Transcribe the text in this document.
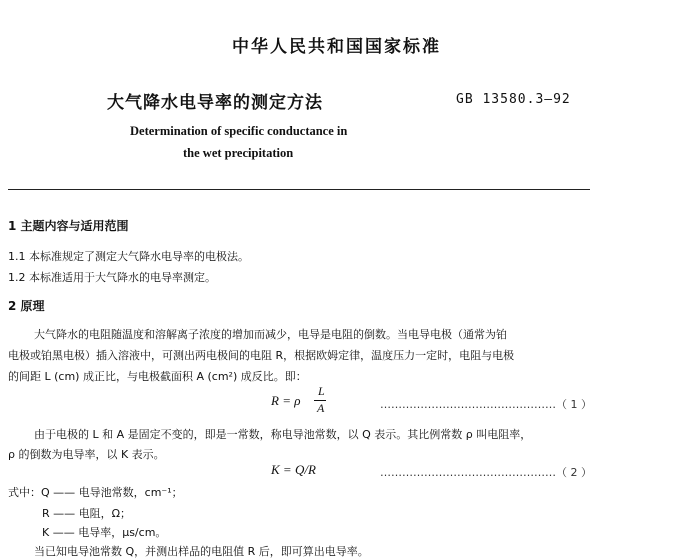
中华人民共和国国家标准
大气降水电导率的测定方法	GB 13580.3—92
Determination of specific conductance in
the wet precipitation
1 主题内容与适用范围
1.1 本标准规定了测定大气降水电导率的电极法。
1.2 本标准适用于大气降水的电导率测定。
2 原理
大气降水的电阻随温度和溶解离子浓度的增加而减少，电导是电阻的倒数。当电导电极（通常为铂
电极或铂黑电极）插入溶液中，可测出两电极间的电阻 R，根据欧姆定律，温度压力一定时，电阻与电极
的间距 L (cm) 成正比，与电极截面积 A (cm²) 成反比。即：
R = ρ
L
A	…………………………………………（ 1 ）
由于电极的 L 和 A 是固定不变的，即是一常数，称电导池常数，以 Q 表示。其比例常数 ρ 叫电阻率，
ρ 的倒数为电导率，以 K 表示。
K = Q/R	…………………………………………（ 2 ）
式中：Q —— 电导池常数，cm⁻¹；
R —— 电阻，Ω；
K —— 电导率，μs/cm。
当已知电导池常数 Q，并测出样品的电阻值 R 后，即可算出电导率。
